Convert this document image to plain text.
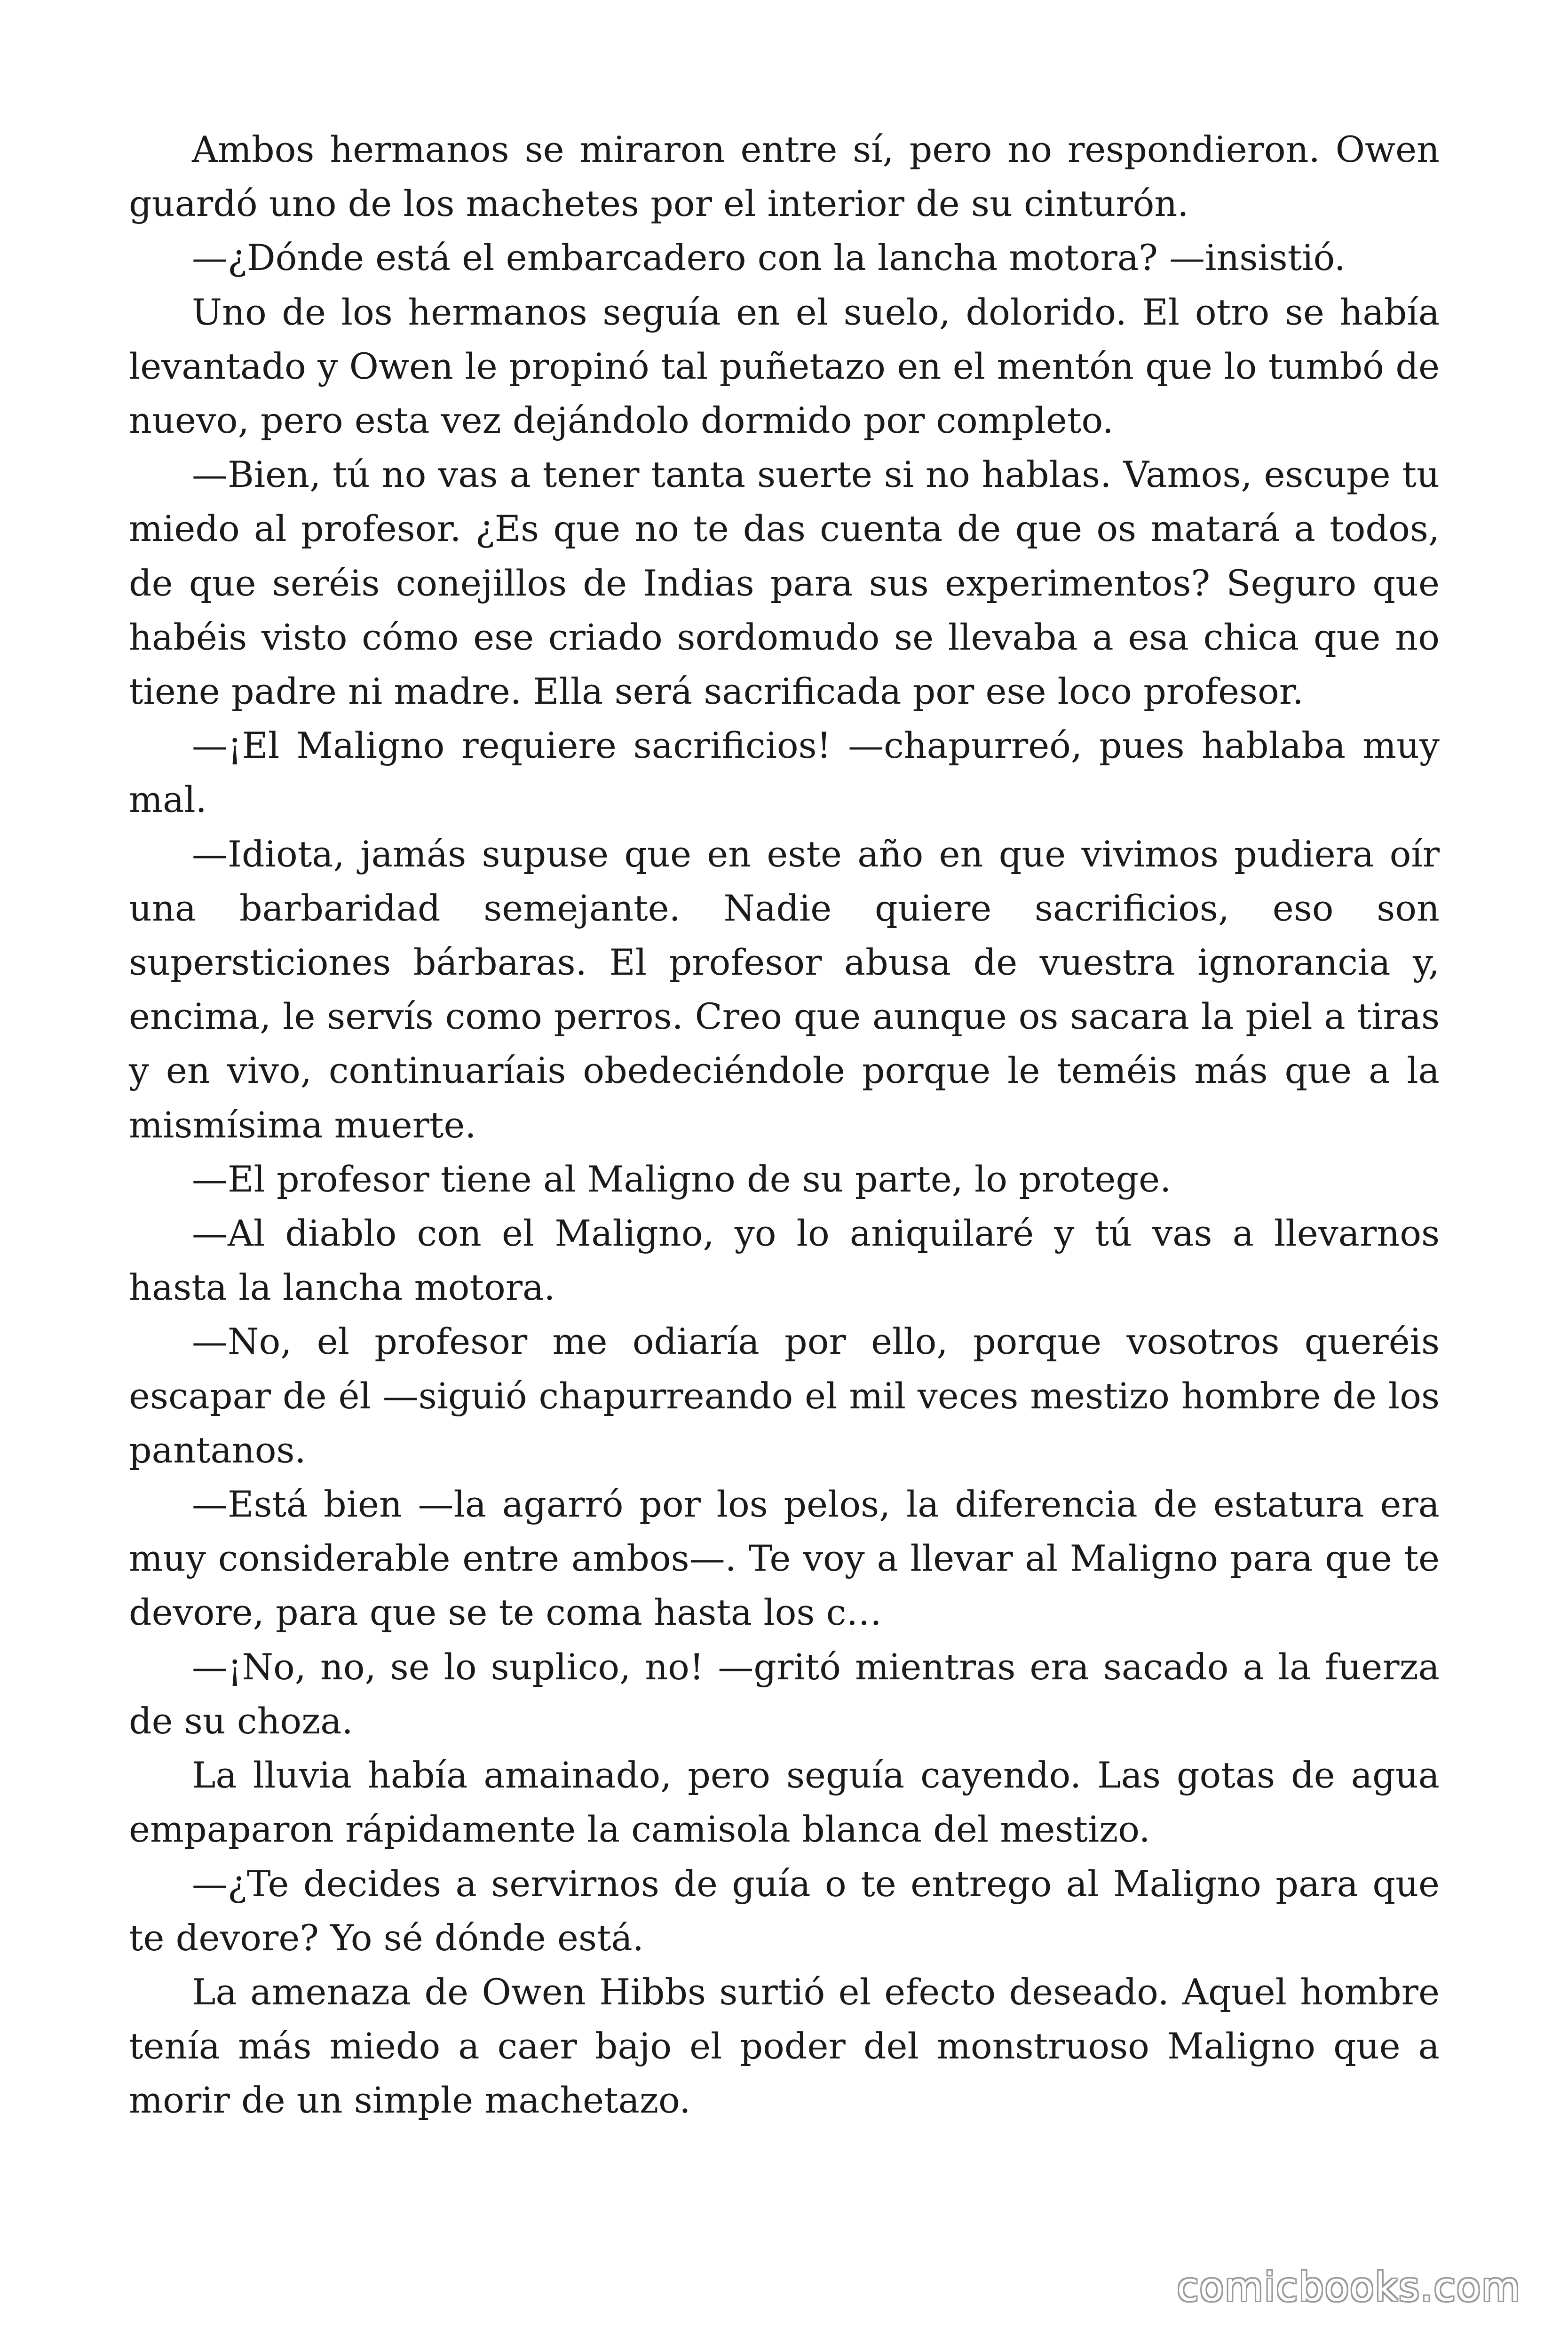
Ambos hermanos se miraron entre sí, pero no respondieron. Owen guardó uno de los machetes por el interior de su cinturón.

—¿Dónde está el embarcadero con la lancha motora? —insistió.

Uno de los hermanos seguía en el suelo, dolorido. El otro se había levantado y Owen le propinó tal puñetazo en el mentón que lo tumbó de nuevo, pero esta vez dejándolo dormido por completo.

—Bien, tú no vas a tener tanta suerte si no hablas. Vamos, escupe tu miedo al profesor. ¿Es que no te das cuenta de que os matará a todos, de que seréis conejillos de Indias para sus experimentos? Seguro que habéis visto cómo ese criado sordomudo se llevaba a esa chica que no tiene padre ni madre. Ella será sacrificada por ese loco profesor.

—¡El Maligno requiere sacrificios! —chapurreó, pues hablaba muy mal.

—Idiota, jamás supuse que en este año en que vivimos pudiera oír una barbaridad semejante. Nadie quiere sacrificios, eso son supersticiones bárbaras. El profesor abusa de vuestra ignorancia y, encima, le servís como perros. Creo que aunque os sacara la piel a tiras y en vivo, continuaríais obedeciéndole porque le teméis más que a la mismísima muerte.

—El profesor tiene al Maligno de su parte, lo protege.

—Al diablo con el Maligno, yo lo aniquilaré y tú vas a llevarnos hasta la lancha motora.

—No, el profesor me odiaría por ello, porque vosotros queréis escapar de él —siguió chapurreando el mil veces mestizo hombre de los pantanos.

—Está bien —la agarró por los pelos, la diferencia de estatura era muy considerable entre ambos—. Te voy a llevar al Maligno para que te devore, para que se te coma hasta los c…

—¡No, no, se lo suplico, no! —gritó mientras era sacado a la fuerza de su choza.

La lluvia había amainado, pero seguía cayendo. Las gotas de agua empaparon rápidamente la camisola blanca del mestizo.

—¿Te decides a servirnos de guía o te entrego al Maligno para que te devore? Yo sé dónde está.

La amenaza de Owen Hibbs surtió el efecto deseado. Aquel hombre tenía más miedo a caer bajo el poder del monstruoso Maligno que a morir de un simple machetazo.

comicbooks.com
